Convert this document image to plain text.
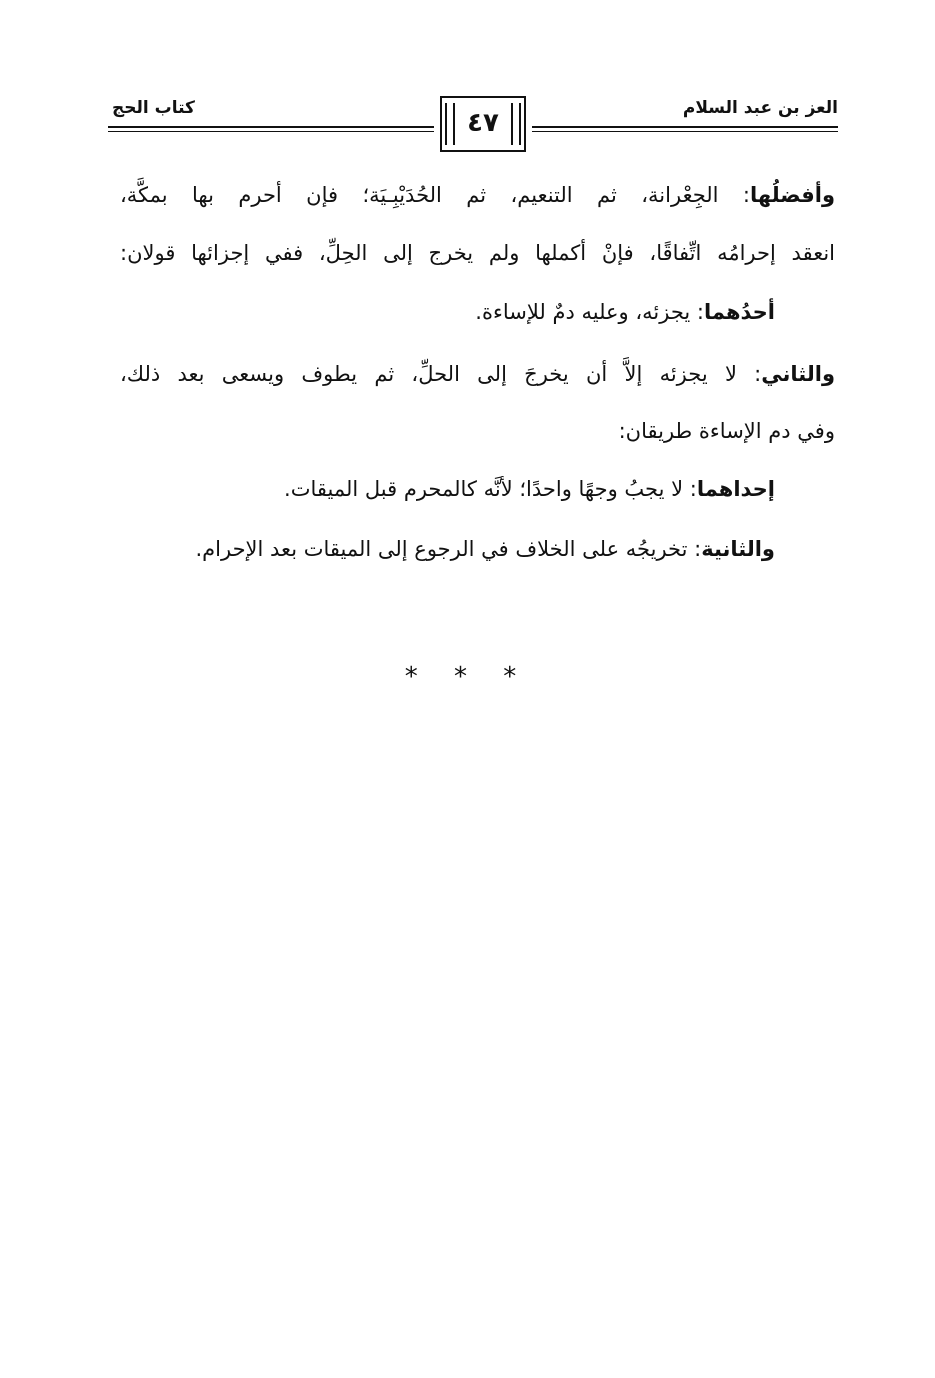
العز بن عبد السلام
كتاب الحج	٤٧
وأفضلُها: الجِعْرانة، ثم التنعيم، ثم الحُدَيْبِـيَة؛ فإن أحرم بها بمكَّة،
انعقد إحرامُه اتِّفاقًا، فإنْ أكملها ولم يخرج إلى الحِلِّ، ففي إجزائها قولان:
أحدُهما: يجزئه، وعليه دمٌ للإساءة.
والثاني: لا يجزئه إلاَّ أن يخرجَ إلى الحلِّ، ثم يطوف ويسعى بعد ذلك،
وفي دم الإساءة طريقان:
إحداهما: لا يجبُ وجهًا واحدًا؛ لأنَّه كالمحرم قبل الميقات.
والثانية: تخريجُه على الخلاف في الرجوع إلى الميقات بعد الإحرام.
* * *
